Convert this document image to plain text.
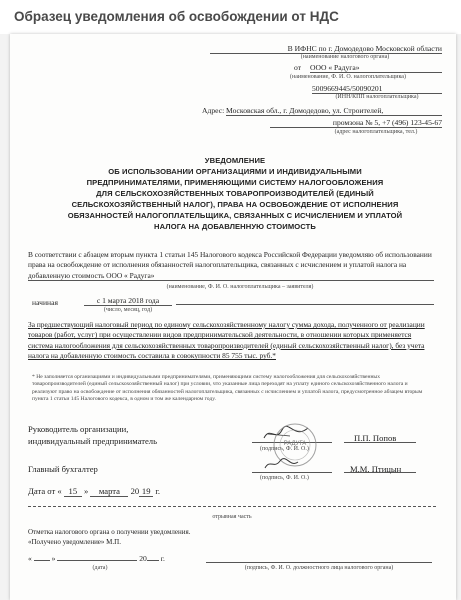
Образец уведомления об освобождении от НДС
В ИФНС по г. Домодедово Московской области
(наименование налогового органа)
от ООО « Радуга»
(наименование, Ф. И. О. налогоплательщика)
5009669445/50090201
(ИНН/КПП налогоплательщика)
Адрес: Московская обл., г. Домодедово, ул. Строителей,
промзона № 5, +7 (496) 123-45-67
(адрес налогоплательщика, тел.)
УВЕДОМЛЕНИЕ
ОБ ИСПОЛЬЗОВАНИИ ОРГАНИЗАЦИЯМИ И ИНДИВИДУАЛЬНЫМИ
ПРЕДПРИНИМАТЕЛЯМИ, ПРИМЕНЯЮЩИМИ СИСТЕМУ НАЛОГООБЛОЖЕНИЯ
ДЛЯ СЕЛЬСКОХОЗЯЙСТВЕННЫХ ТОВАРОПРОИЗВОДИТЕЛЕЙ (ЕДИНЫЙ
СЕЛЬСКОХОЗЯЙСТВЕННЫЙ НАЛОГ), ПРАВА НА ОСВОБОЖДЕНИЕ ОТ ИСПОЛНЕНИЯ
ОБЯЗАННОСТЕЙ НАЛОГОПЛАТЕЛЬЩИКА, СВЯЗАННЫХ С ИСЧИСЛЕНИЕМ И УПЛАТОЙ
НАЛОГА НА ДОБАВЛЕННУЮ СТОИМОСТЬ
В соответствии с абзацем вторым пункта 1 статьи 145 Налогового кодекса Российской Федерации уведомляю об использовании права на освобождение от исполнения обязанностей налогоплательщика, связанных с исчислением и уплатой налога на добавленную стоимость ООО « Радуга»
(наименование, Ф. И. О. налогоплательщика – заявителя)
начиная	с 1 марта 2018 года
(число, месяц, год)
За предшествующий налоговый период по единому сельскохозяйственному налогу сумма дохода, полученного от реализации товаров (работ, услуг) при осуществлении видов предпринимательской деятельности, в отношении которых применяется система налогообложения для сельскохозяйственных товаропроизводителей (единый сельскохозяйственный налог), без учета налога на добавленную стоимость составила в совокупности 85 755 тыс. руб.*
* Не заполняется организациями и индивидуальными предпринимателями, применяющими систему налогообложения для сельскохозяйственных товаропроизводителей (единый сельскохозяйственный налог) при условии, что указанные лица переходят на уплату единого сельскохозяйственного налога и реализуют право на освобождение от исполнения обязанностей налогоплательщика, связанных с исчислением и уплатой налога, предусмотренное абзацем вторым пункта 1 статьи 145 Налогового кодекса, в одном и том же календарном году.
Руководитель организации,
индивидуальный предприниматель
(подпись, Ф. И. О.)
П.П. Попов
РАДУГА
Главный бухгалтер
(подпись, Ф. И. О.)
М.М. Птицын
Дата от « 15 » марта 20 19 г.
отрывная часть
Отметка налогового органа о получении уведомления.
«Получено уведомление» М.П.
«	»	20 г.
(дата)	(подпись, Ф. И. О. должностного лица налогового органа)
